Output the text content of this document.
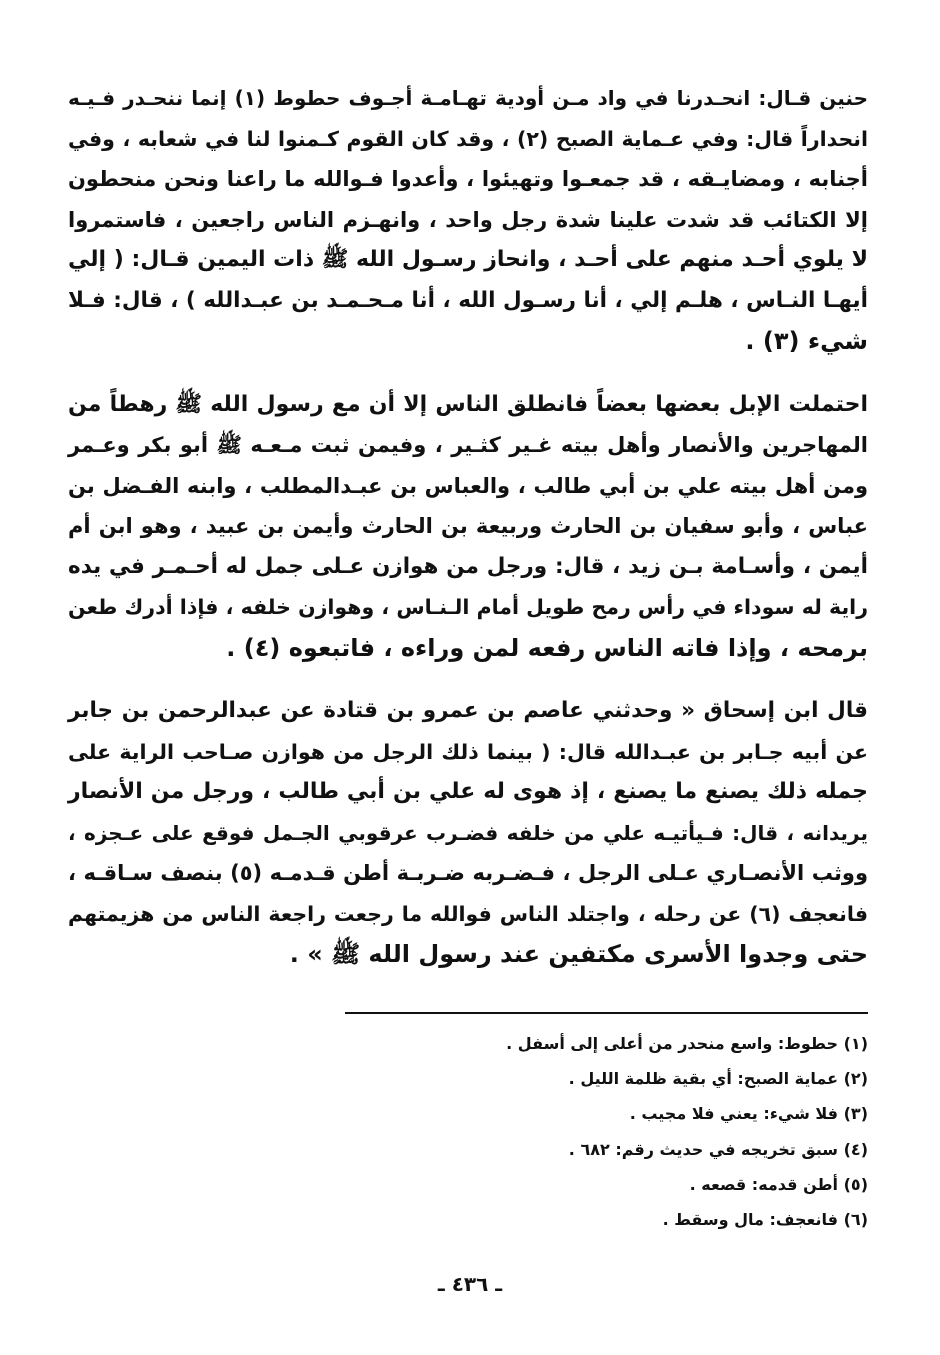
حنين قـال: انحـدرنا في واد مـن أودية تهـامـة أجـوف حطوط (١) إنما ننحـدر فـيـه
انحداراً قال: وفي عـماية الصبح (٢) ، وقد كان القوم كـمنوا لنا في شعابه ، وفي
أجنابه ، ومضايـقه ، قد جمعـوا وتهيئوا ، وأعدوا فـوالله ما راعنا ونحن منحطون
إلا الكتائب قد شدت علينا شدة رجل واحد ، وانهـزم الناس راجعين ، فاستمروا
لا يلوي أحـد منهم على أحـد ، وانحاز رسـول الله ﷺ ذات اليمين قـال: ( إلي
أيهـا النـاس ، هلـم إلي ، أنا رسـول الله ، أنا مـحـمـد بن عبـدالله ) ، قال: فـلا
شيء (٣) .

احتملت الإبل بعضها بعضاً فانطلق الناس إلا أن مع رسول الله ﷺ رهطاً من
المهاجرين والأنصار وأهل بيته غـير كثـير ، وفيمن ثبت مـعـه ﷺ أبو بكر وعـمر
ومن أهل بيته علي بن أبي طالب ، والعباس بن عبـدالمطلب ، وابنه الفـضل بن
عباس ، وأبو سفيان بن الحارث وربيعة بن الحارث وأيمن بن عبيد ، وهو ابن أم
أيمن ، وأسـامة بـن زيد ، قال: ورجل من هوازن عـلى جمل له أحـمـر في يده
راية له سوداء في رأس رمح طويل أمام الـنـاس ، وهوازن خلفه ، فإذا أدرك طعن
برمحه ، وإذا فاته الناس رفعه لمن وراءه ، فاتبعوه (٤) .

قال ابن إسحاق « وحدثني عاصم بن عمرو بن قتادة عن عبدالرحمن بن جابر
عن أبيه جـابر بن عبـدالله قال: ( بينما ذلك الرجل من هوازن صـاحب الراية على
جمله ذلك يصنع ما يصنع ، إذ هوى له علي بن أبي طالب ، ورجل من الأنصار
يريدانه ، قال: فـيأتيـه علي من خلفه فضـرب عرقوبي الجـمل فوقع على عـجزه ،
ووثب الأنصـاري عـلى الرجل ، فـضـربه ضـربـة أطن قـدمـه (٥) بنصف سـاقـه ،
فانعجف (٦) عن رحله ، واجتلد الناس فوالله ما رجعت راجعة الناس من هزيمتهم
حتى وجدوا الأسرى مكتفين عند رسول الله ﷺ » .

(١) حطوط: واسع منحدر من أعلى إلى أسفل .
(٢) عماية الصبح: أي بقية ظلمة الليل .
(٣) فلا شيء: يعني فلا مجيب .
(٤) سبق تخريجه في حديث رقم: ٦٨٢ .
(٥) أطن قدمه: قصعه .
(٦) فانعجف: مال وسقط .
ـ ٤٣٦ ـ
